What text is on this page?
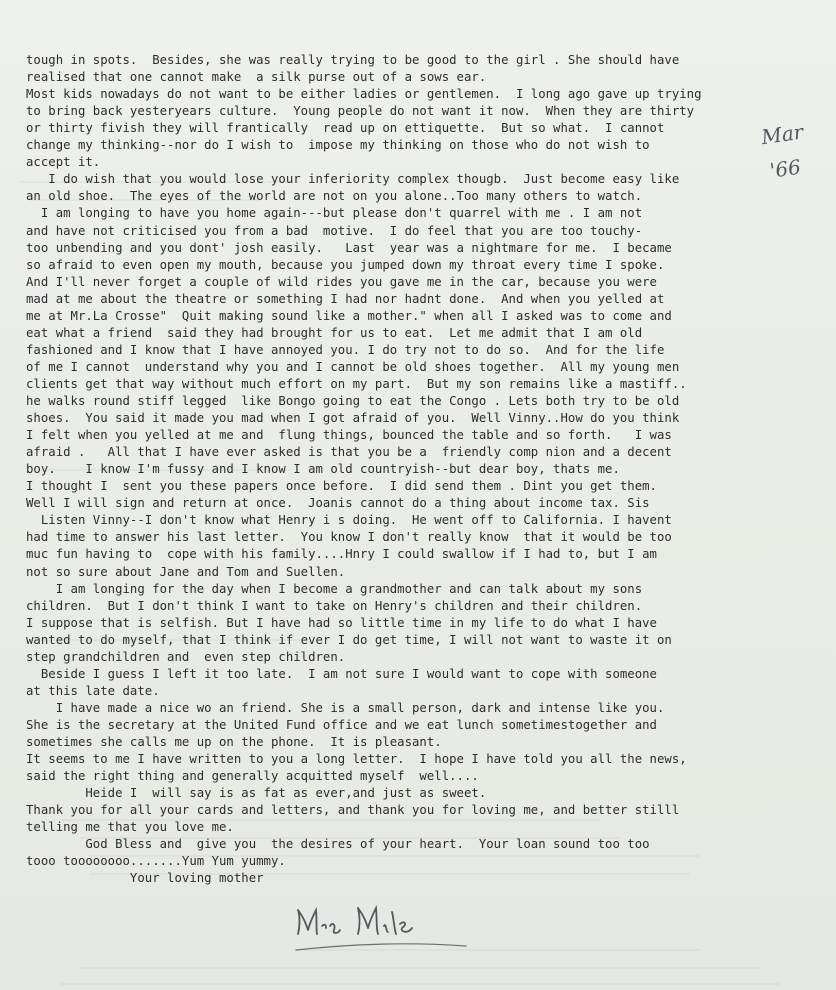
tough in spots.  Besides, she was really trying to be good to the girl . She should have
realised that one cannot make  a silk purse out of a sows ear.
Most kids nowadays do not want to be either ladies or gentlemen.  I long ago gave up trying
to bring back yesteryears culture.  Young people do not want it now.  When they are thirty
or thirty fivish they will frantically  read up on ettiquette.  But so what.  I cannot
change my thinking--nor do I wish to  impose my thinking on those who do not wish to
accept it.
I do wish that you would lose your inferiority complex thougb.  Just become easy like
an old shoe.  The eyes of the world are not on you alone..Too many others to watch.
I am longing to have you home again---but please don't quarrel with me . I am not
and have not criticised you from a bad  motive.  I do feel that you are too touchy-
too unbending and you dont' josh easily.   Last  year was a nightmare for me.  I became
so afraid to even open my mouth, because you jumped down my throat every time I spoke.
And I'll never forget a couple of wild rides you gave me in the car, because you were
mad at me about the theatre or something I had nor hadnt done.  And when you yelled at
me at Mr.La Crosse"  Quit making sound like a mother." when all I asked was to come and
eat what a friend  said they had brought for us to eat.  Let me admit that I am old
fashioned and I know that I have annoyed you. I do try not to do so.  And for the life
of me I cannot  understand why you and I cannot be old shoes together.  All my young men
clients get that way without much effort on my part.  But my son remains like a mastiff..
he walks round stiff legged  like Bongo going to eat the Congo . Lets both try to be old
shoes.  You said it made you mad when I got afraid of you.  Well Vinny..How do you think
I felt when you yelled at me and  flung things, bounced the table and so forth.   I was
afraid .   All that I have ever asked is that you be a  friendly comp nion and a decent
boy.    I know I'm fussy and I know I am old countryish--but dear boy, thats me.
I thought I  sent you these papers once before.  I did send them . Dint you get them.
Well I will sign and return at once.  Joanis cannot do a thing about income tax. Sis
Listen Vinny--I don't know what Henry i s doing.  He went off to California. I havent
had time to answer his last letter.  You know I don't really know  that it would be too
muc fun having to  cope with his family....Hnry I could swallow if I had to, but I am
not so sure about Jane and Tom and Suellen.
I am longing for the day when I become a grandmother and can talk about my sons
children.  But I don't think I want to take on Henry's children and their children.
I suppose that is selfish. But I have had so little time in my life to do what I have
wanted to do myself, that I think if ever I do get time, I will not want to waste it on
step grandchildren and  even step children.
Beside I guess I left it too late.  I am not sure I would want to cope with someone
at this late date.
I have made a nice wo an friend. She is a small person, dark and intense like you.
She is the secretary at the United Fund office and we eat lunch sometimestogether and
sometimes she calls me up on the phone.  It is pleasant.
It seems to me I have written to you a long letter.  I hope I have told you all the news,
said the right thing and generally acquitted myself  well....
Heide I  will say is as fat as ever,and just as sweet.
Thank you for all your cards and letters, and thank you for loving me, and better stilll
telling me that you love me.
God Bless and  give you  the desires of your heart.  Your loan sound too too
tooo toooooooo.......Yum Yum yummy.
Your loving mother
Mar
'66
